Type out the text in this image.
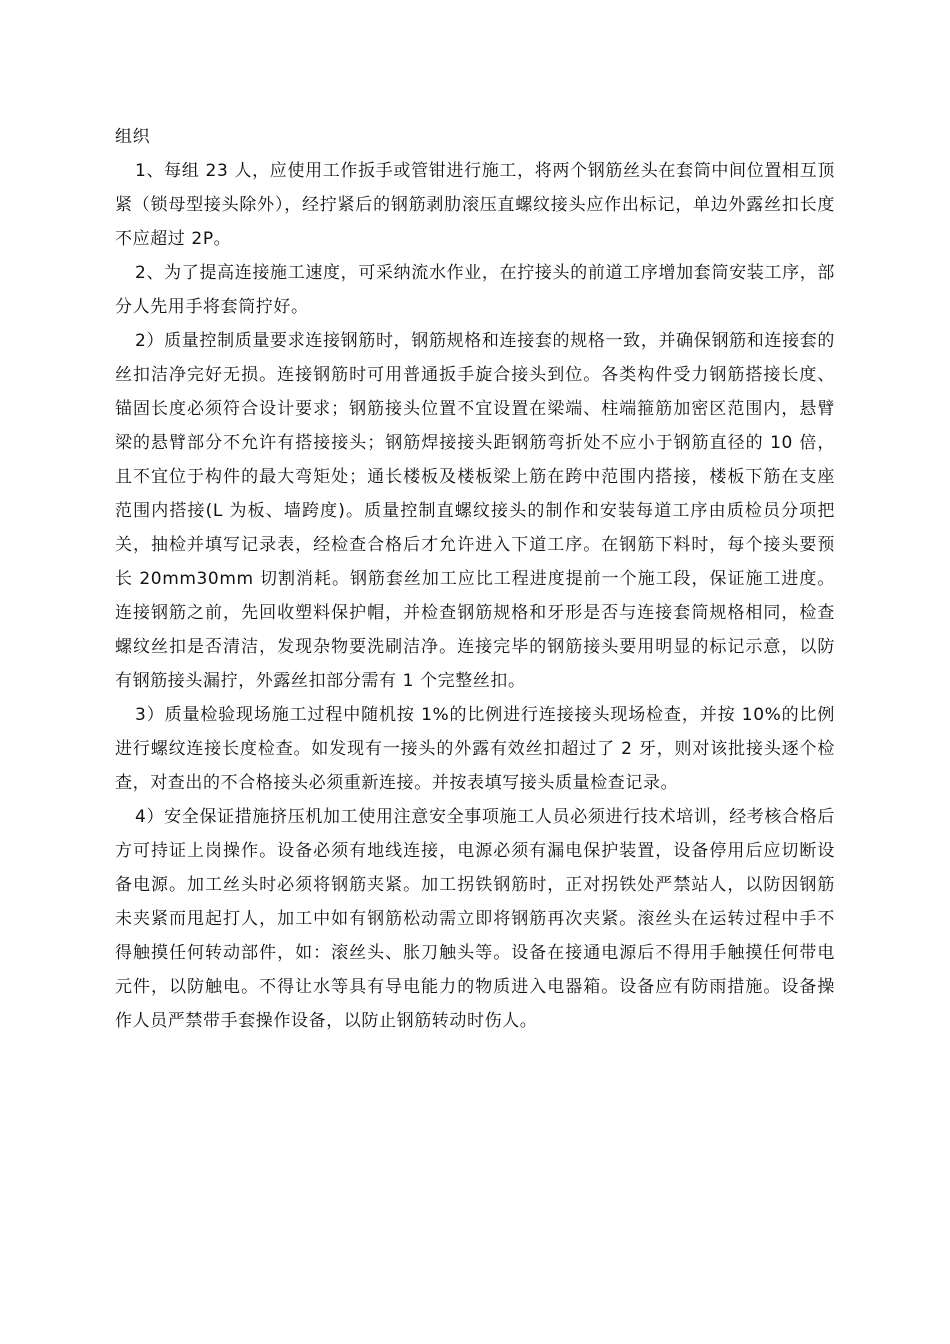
组织

1、每组 23 人，应使用工作扳手或管钳进行施工，将两个钢筋丝头在套筒中间位置相互顶紧（锁母型接头除外），经拧紧后的钢筋剥肋滚压直螺纹接头应作出标记，单边外露丝扣长度不应超过 2P。

2、为了提高连接施工速度，可采纳流水作业，在拧接头的前道工序增加套筒安装工序，部分人先用手将套筒拧好。

2）质量控制质量要求连接钢筋时，钢筋规格和连接套的规格一致，并确保钢筋和连接套的丝扣洁净完好无损。连接钢筋时可用普通扳手旋合接头到位。各类构件受力钢筋搭接长度、锚固长度必须符合设计要求；钢筋接头位置不宜设置在梁端、柱端箍筋加密区范围内，悬臂梁的悬臂部分不允许有搭接接头；钢筋焊接接头距钢筋弯折处不应小于钢筋直径的 10 倍，且不宜位于构件的最大弯矩处；通长楼板及楼板梁上筋在跨中范围内搭接，楼板下筋在支座范围内搭接(L 为板、墙跨度)。质量控制直螺纹接头的制作和安装每道工序由质检员分项把关，抽检并填写记录表，经检查合格后才允许进入下道工序。在钢筋下料时，每个接头要预长 20mm30mm 切割消耗。钢筋套丝加工应比工程进度提前一个施工段，保证施工进度。连接钢筋之前，先回收塑料保护帽，并检查钢筋规格和牙形是否与连接套筒规格相同，检查螺纹丝扣是否清洁，发现杂物要洗刷洁净。连接完毕的钢筋接头要用明显的标记示意，以防有钢筋接头漏拧，外露丝扣部分需有 1 个完整丝扣。

3）质量检验现场施工过程中随机按 1%的比例进行连接接头现场检查，并按 10%的比例进行螺纹连接长度检查。如发现有一接头的外露有效丝扣超过了 2 牙，则对该批接头逐个检查，对查出的不合格接头必须重新连接。并按表填写接头质量检查记录。

4）安全保证措施挤压机加工使用注意安全事项施工人员必须进行技术培训，经考核合格后方可持证上岗操作。设备必须有地线连接，电源必须有漏电保护装置，设备停用后应切断设备电源。加工丝头时必须将钢筋夹紧。加工拐铁钢筋时，正对拐铁处严禁站人，以防因钢筋未夹紧而甩起打人，加工中如有钢筋松动需立即将钢筋再次夹紧。滚丝头在运转过程中手不得触摸任何转动部件，如：滚丝头、胀刀触头等。设备在接通电源后不得用手触摸任何带电元件，以防触电。不得让水等具有导电能力的物质进入电器箱。设备应有防雨措施。设备操作人员严禁带手套操作设备，以防止钢筋转动时伤人。
